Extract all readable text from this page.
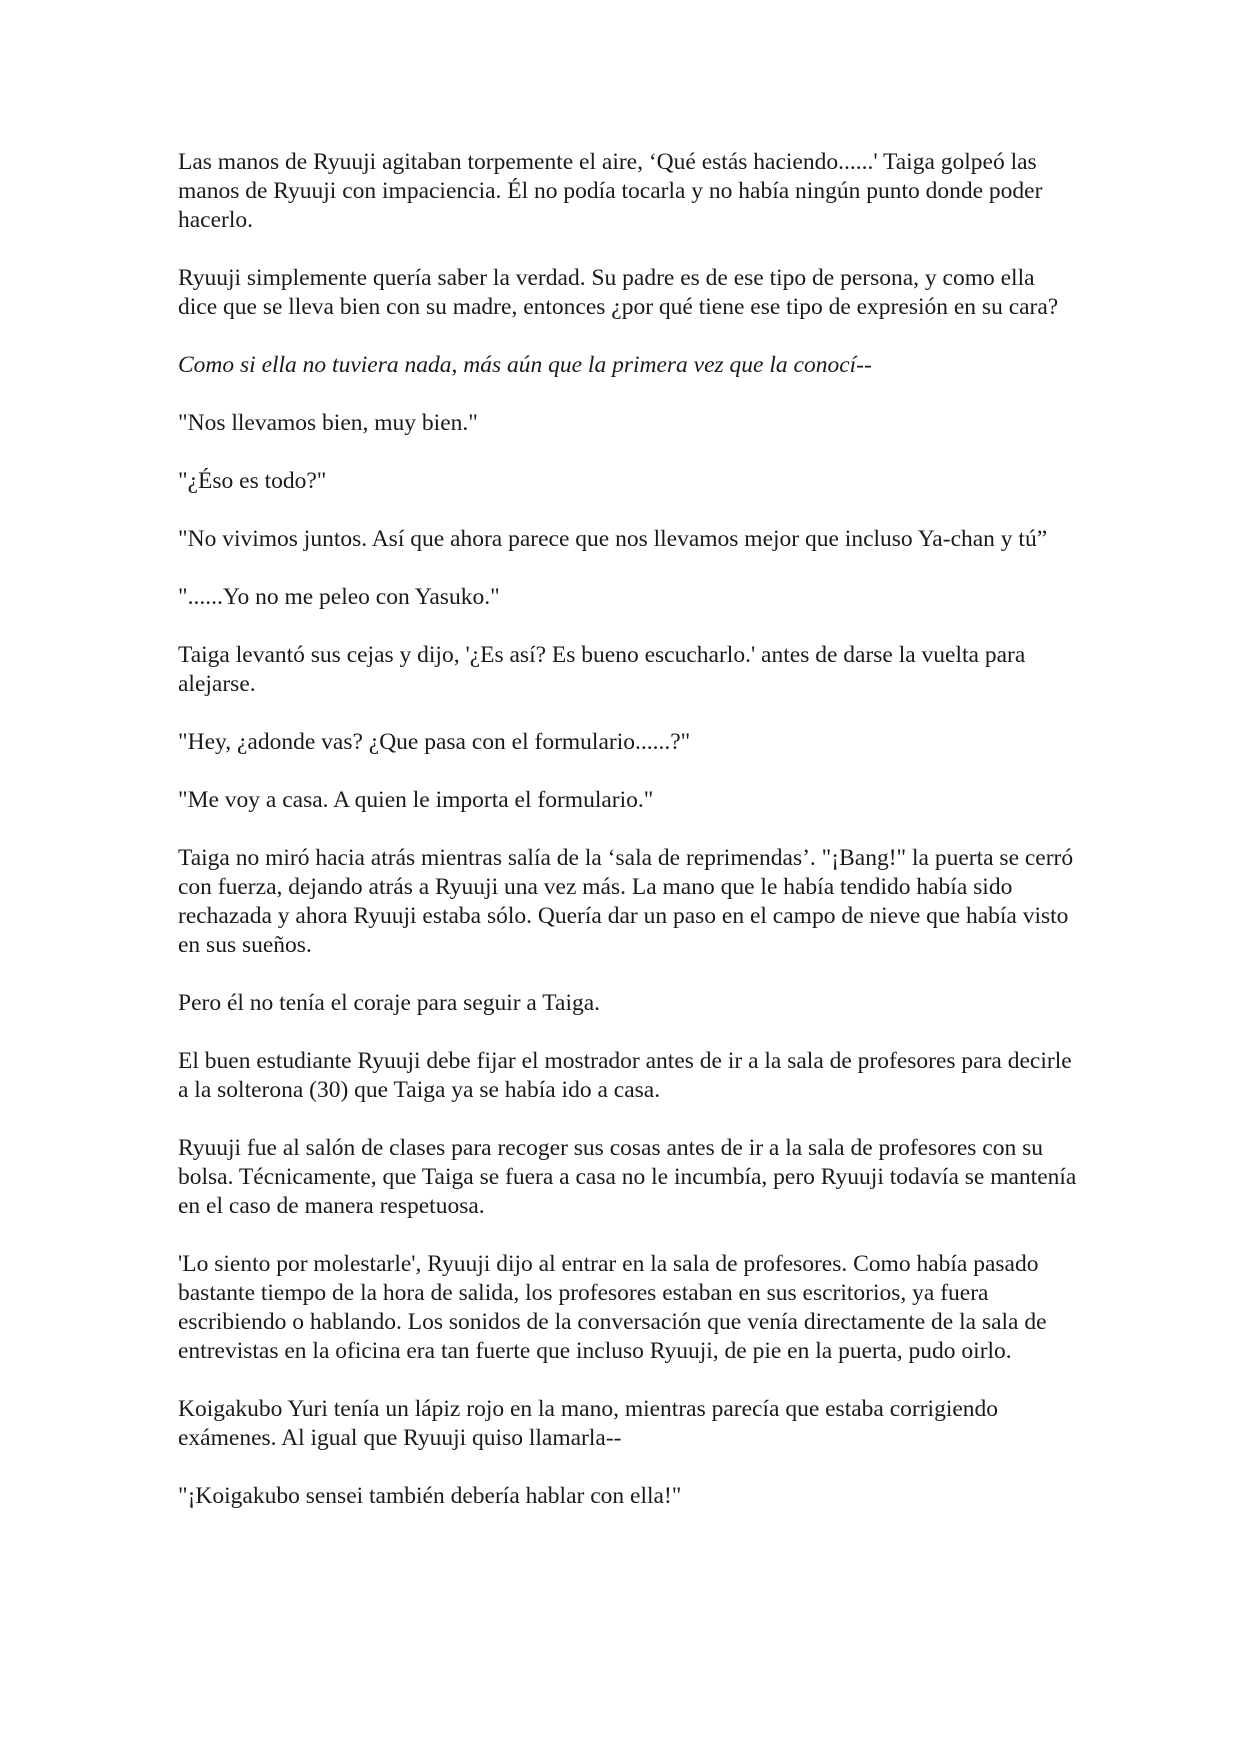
Las manos de Ryuuji agitaban torpemente el aire, ‘Qué estás haciendo......' Taiga golpeó las manos de Ryuuji con impaciencia. Él no podía tocarla y no había ningún punto donde poder hacerlo.

Ryuuji simplemente quería saber la verdad. Su padre es de ese tipo de persona, y como ella dice que se lleva bien con su madre, entonces ¿por qué tiene ese tipo de expresión en su cara?

Como si ella no tuviera nada, más aún que la primera vez que la conocí--

"Nos llevamos bien, muy bien."

"¿Éso es todo?"

"No vivimos juntos. Así que ahora parece que nos llevamos mejor que incluso Ya-chan y tú”

"......Yo no me peleo con Yasuko."

Taiga levantó sus cejas y dijo, '¿Es así? Es bueno escucharlo.' antes de darse la vuelta para alejarse.

"Hey, ¿adonde vas? ¿Que pasa con el formulario......?"

"Me voy a casa. A quien le importa el formulario."

Taiga no miró hacia atrás mientras salía de la ‘sala de reprimendas’. "¡Bang!" la puerta se cerró con fuerza, dejando atrás a Ryuuji una vez más. La mano que le había tendido había sido rechazada y ahora Ryuuji estaba sólo. Quería dar un paso en el campo de nieve que había visto en sus sueños.

Pero él no tenía el coraje para seguir a Taiga.

El buen estudiante Ryuuji debe fijar el mostrador antes de ir a la sala de profesores para decirle a la solterona (30) que Taiga ya se había ido a casa.

Ryuuji fue al salón de clases para recoger sus cosas antes de ir a la sala de profesores con su bolsa. Técnicamente, que Taiga se fuera a casa no le incumbía, pero Ryuuji todavía se mantenía en el caso de manera respetuosa.

'Lo siento por molestarle', Ryuuji dijo al entrar en la sala de profesores. Como había pasado bastante tiempo de la hora de salida, los profesores estaban en sus escritorios, ya fuera escribiendo o hablando. Los sonidos de la conversación que venía directamente de la sala de entrevistas en la oficina era tan fuerte que incluso Ryuuji, de pie en la puerta, pudo oirlo.

Koigakubo Yuri tenía un lápiz rojo en la mano, mientras parecía que estaba corrigiendo exámenes. Al igual que Ryuuji quiso llamarla--

"¡Koigakubo sensei también debería hablar con ella!"
